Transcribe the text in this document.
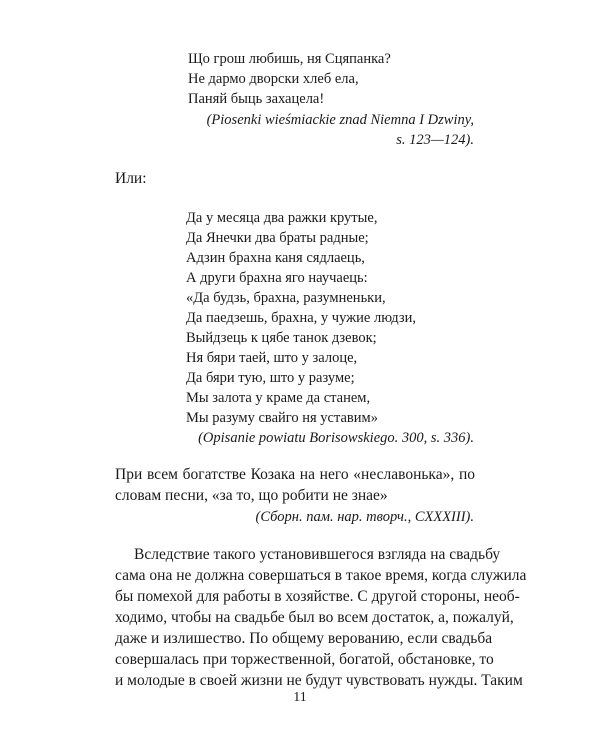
Що грош любишь, ня Сцяпанка?
Не дармо дворски хлеб ела,
Паняй быць захацела!
(Piosenki wieśmiackie znad Niemna I Dzwiny,
s. 123—124).
Или:
Да у месяца два ражки крутые,
Да Янечки два браты радные;
Адзин брахна каня сядлаець,
А други брахна яго научаець:
«Да будзь, брахна, разумненьки,
Да паедзешь, брахна, у чужие людзи,
Выйдзець к цябе танок дзевок;
Ня бяри таей, што у залоце,
Да бяри тую, што у разуме;
Мы залота у краме да станем,
Мы разуму свайго ня уставим»
(Opisanie powiatu Borisowskiego. 300, s. 336).
При всем богатстве Козака на него «неславонька», по
словам песни, «за то, що робити не знае»
(Сборн. пам. нар. творч., CXXXIII).
Вследствие такого установившегося взгляда на свадьбу
сама она не должна совершаться в такое время, когда служила
бы помехой для работы в хозяйстве. С другой стороны, необ-
ходимо, чтобы на свадьбе был во всем достаток, а, пожалуй,
даже и излишество. По общему верованию, если свадьба
совершалась при торжественной, богатой, обстановке, то
и молодые в своей жизни не будут чувствовать нужды. Таким
11
